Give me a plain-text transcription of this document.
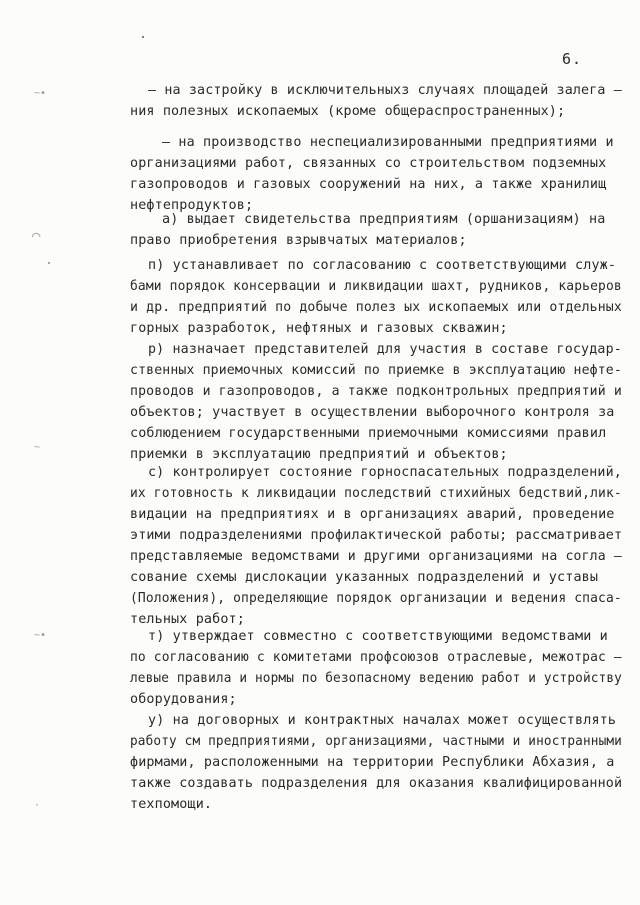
6.
~•
⌒
~
~•
·
– на застройку в исключительныхз случаях площадей залега –
ния полезных ископаемых (кроме общераспространенных);
– на производство неспециализированными предприятиями и
организациями работ, связанных со строительством подземных
газопроводов и газовых сооружений на них, а также хранилищ
нефтепродуктов;
а) выдает свидетельства предприятиям (оршанизациям) на
право приобретения взрывчатых материалов;
п) устанавливает по согласованию с соответствующими служ-
бами порядок консервации и ликвидации шахт, рудников, карьеров
и др. предприятий по добыче полез ых ископаемых или отдельных
горных разработок, нефтяных и газовых скважин;
р) назначает представителей для участия в составе государ-
ственных приемочных комиссий по приемке в эксплуатацию нефте-
проводов и газопроводов, а также подконтрольных предприятий и
объектов; участвует в осуществлении выборочного контроля за
соблюдением государственными приемочными комиссиями правил
приемки в эксплуатацию предприятий и объектов;
с) контролирует состояние горноспасательных подразделений,
их готовность к ликвидации последствий стихийных бедствий,лик-
видации на предприятиях и в организациях аварий, проведение
этими подразделениями профилактической работы; рассматривает
представляемые ведомствами и другими организациями на согла –
сование схемы дислокации указанных подразделений и уставы
(Положения), определяющие порядок организации и ведения спаса-
тельных работ;
т) утверждает совместно с соответствующими ведомствами и
по согласованию с комитетами профсоюзов отраслевые, межотрас –
левые правила и нормы по безопасному ведению работ и устройству
оборудования;
у) на договорных и контрактных началах может осуществлять
работу см предприятиями, организациями, частными и иностранными
фирмами, расположенными на территории Республики Абхазия, а
также создавать подразделения для оказания квалифицированной
техпомощи.
